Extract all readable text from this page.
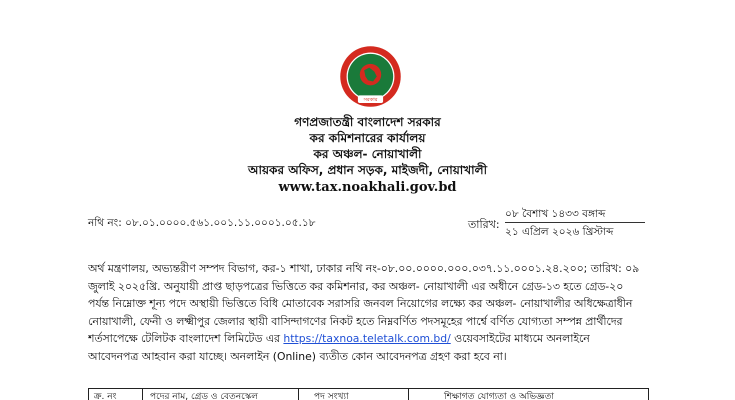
সরকার
গণপ্রজাতন্ত্রী বাংলাদেশ সরকার
কর কমিশনারের কার্যালয়
কর অঞ্চল- নোয়াখালী
আয়কর অফিস, প্রধান সড়ক, মাইজদী, নোয়াখালী
www.tax.noakhali.gov.bd
নথি নং: ০৮.০১.০০০০.৫৬১.০০১.১১.০০০১.০৫.১৮	তারিখ:
০৮ বৈশাখ ১৪৩৩ বঙ্গাব্দ
২১ এপ্রিল ২০২৬ খ্রিস্টাব্দ
অর্থ মন্ত্রণালয়, অভ্যন্তরীণ সম্পদ বিভাগ, কর-১ শাখা, ঢাকার নথি নং-০৮.০০.০০০০.০০০.০৩৭.১১.০০০১.২৪.২০০; তারিখ: ০৯
জুলাই ২০২৫খ্রি. অনুযায়ী প্রাপ্ত ছাড়পত্রের ভিত্তিতে কর কমিশনার, কর অঞ্চল- নোয়াখালী এর অধীনে গ্রেড-১৩ হতে গ্রেড-২০
পর্যন্ত নিম্নোক্ত শূন্য পদে অস্থায়ী ভিত্তিতে বিধি মোতাবেক সরাসরি জনবল নিয়োগের লক্ষ্যে কর অঞ্চল- নোয়াখালীর অধিক্ষেত্রাধীন
নোয়াখালী, ফেনী ও লক্ষ্মীপুর জেলার স্থায়ী বাসিন্দাগণের নিকট হতে নিম্নবর্ণিত পদসমূহের পার্শ্বে বর্ণিত যোগ্যতা সম্পন্ন প্রার্থীদের
শর্তসাপেক্ষে টেলিটক বাংলাদেশ লিমিটেড এর https://taxnoa.teletalk.com.bd/ ওয়েবসাইটের মাধ্যমে অনলাইনে
আবেদনপত্র আহবান করা যাচ্ছে। অনলাইন (Online) ব্যতীত কোন আবেদনপত্র গ্রহণ করা হবে না।
ক্র. নং	পদের নাম, গ্রেড ও বেতনস্কেল	পদ সংখ্যা	শিক্ষাগত যোগ্যতা ও অভিজ্ঞতা
